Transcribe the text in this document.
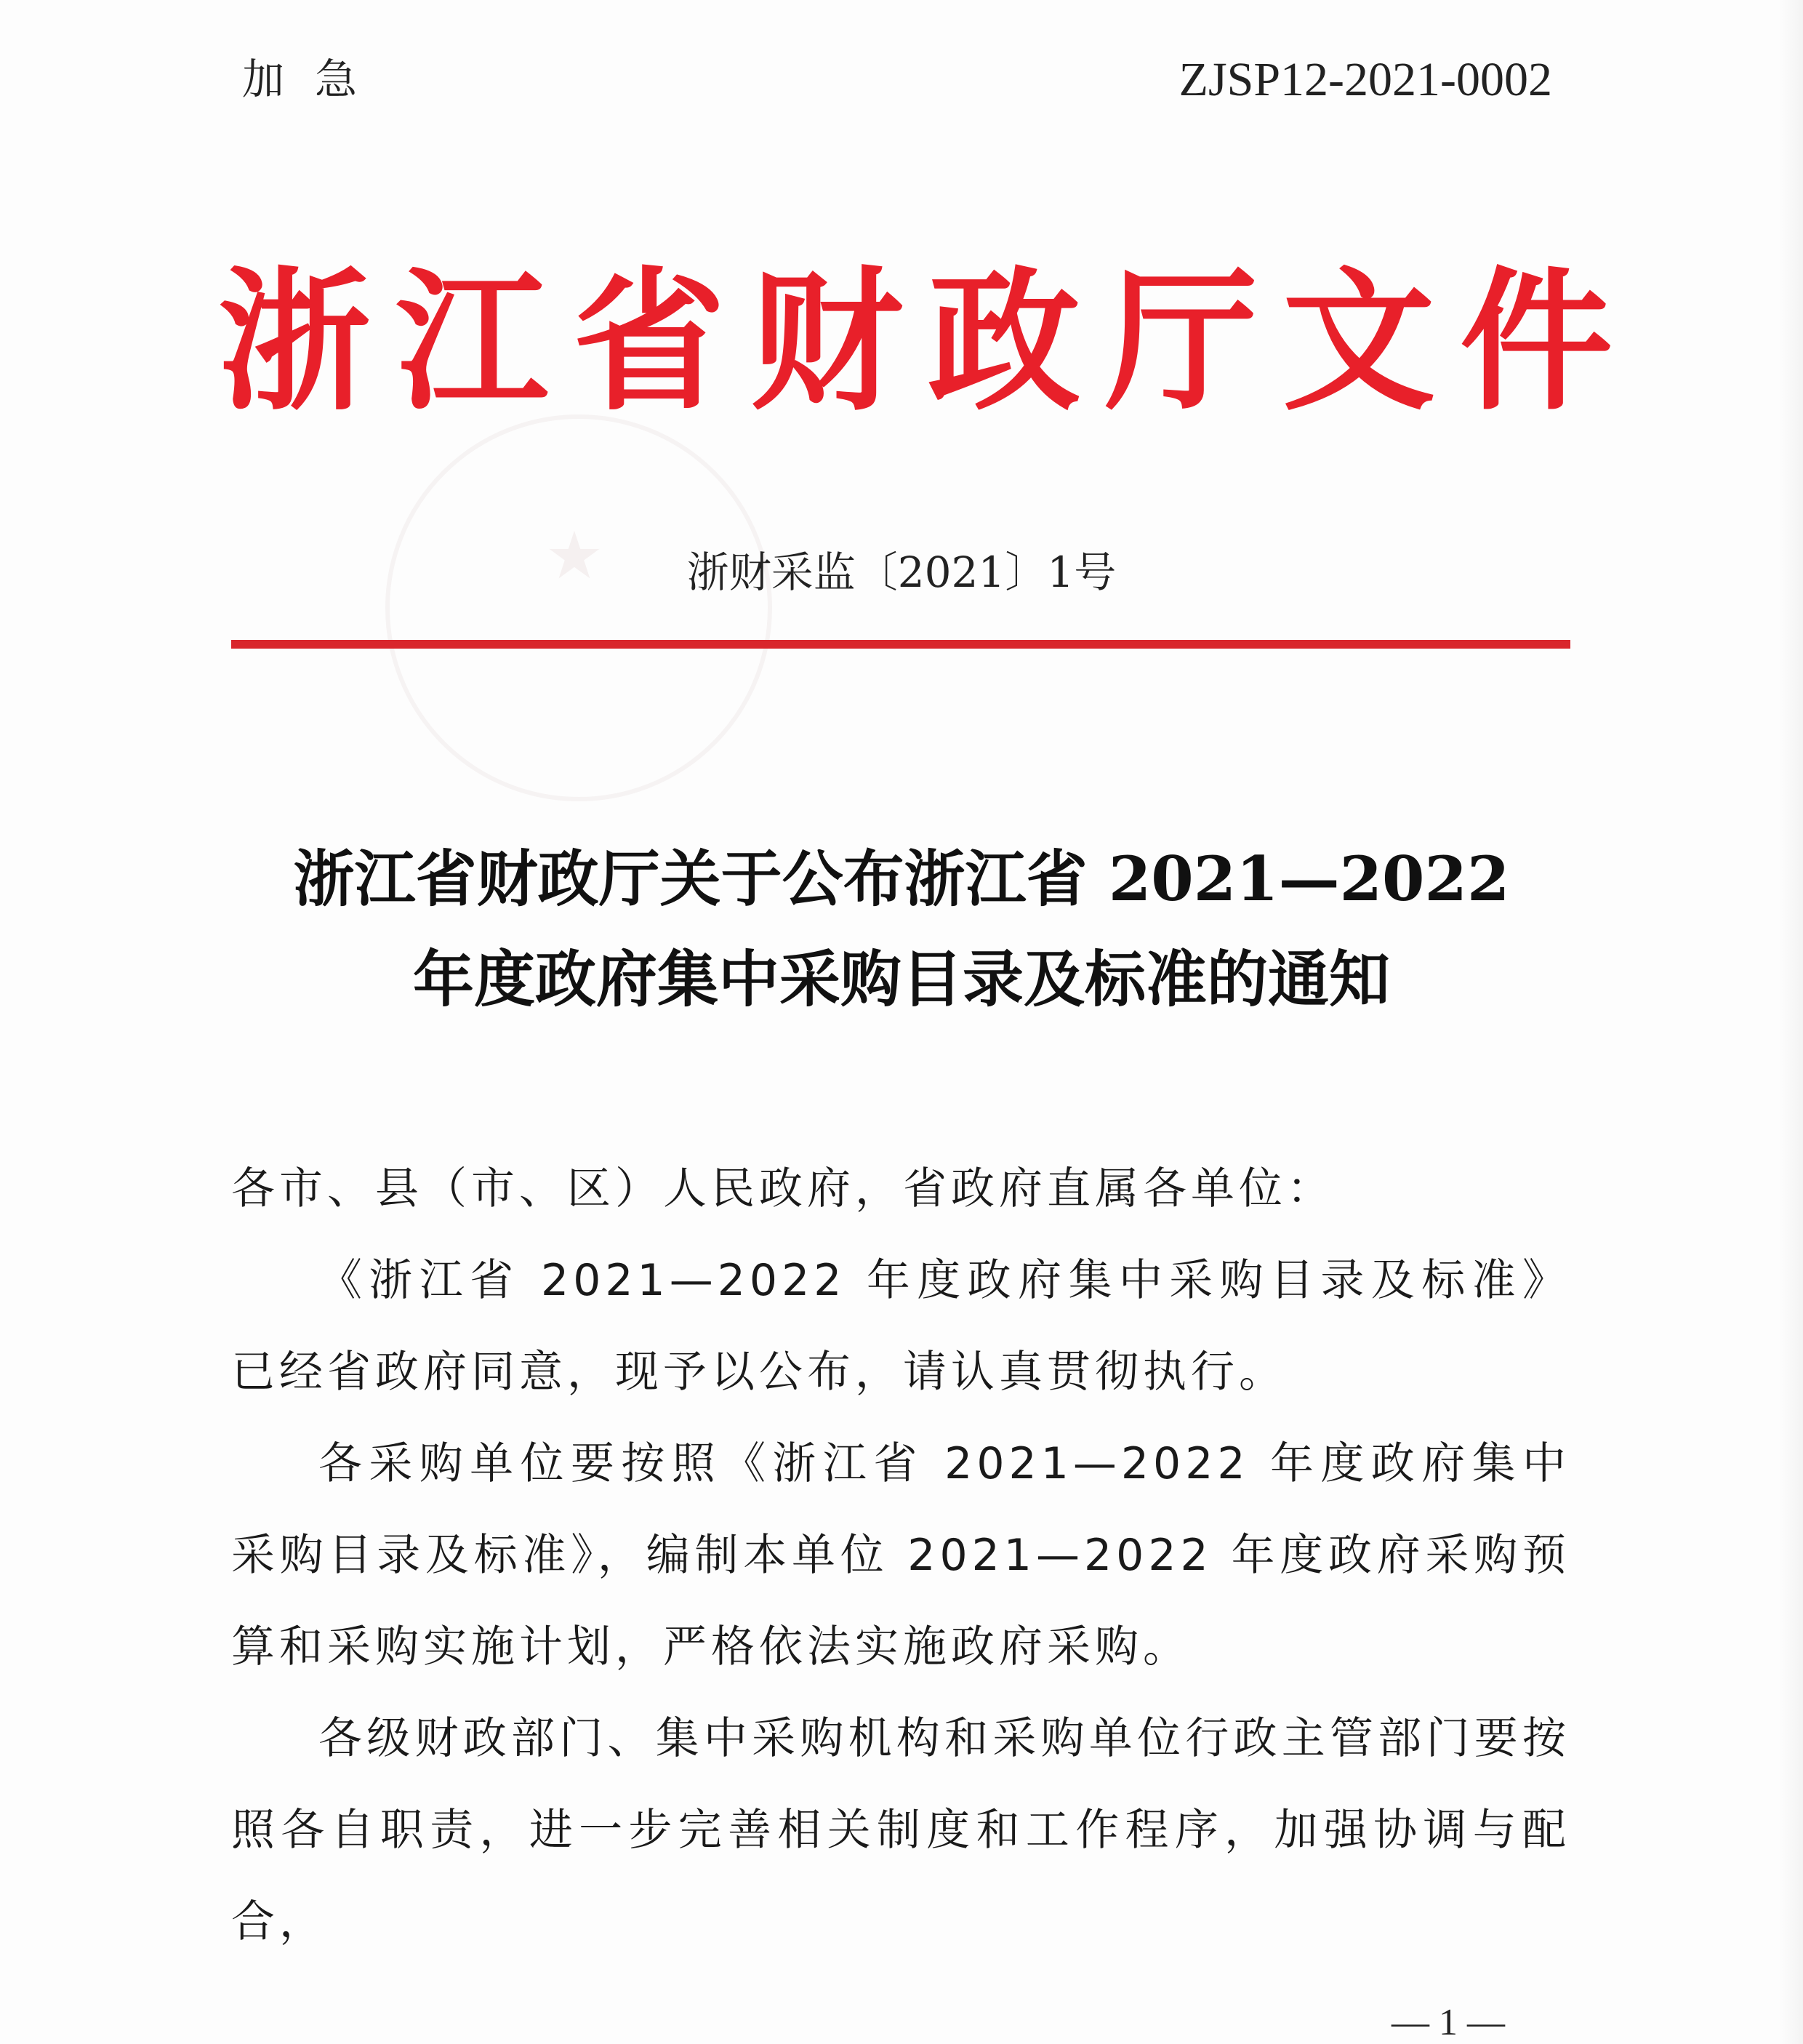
★
加急	ZJSP12-2021-0002
浙江省财政厅文件
浙财采监〔2021〕1号
浙江省财政厅关于公布浙江省 2021—2022
年度政府集中采购目录及标准的通知

各市、县（市、区）人民政府，省政府直属各单位：

《浙江省 2021—2022 年度政府集中采购目录及标准》已经省政府同意，现予以公布，请认真贯彻执行。

各采购单位要按照《浙江省 2021—2022 年度政府集中采购目录及标准》，编制本单位 2021—2022 年度政府采购预算和采购实施计划，严格依法实施政府采购。

各级财政部门、集中采购机构和采购单位行政主管部门要按照各自职责，进一步完善相关制度和工作程序，加强协调与配合，

— 1 —
